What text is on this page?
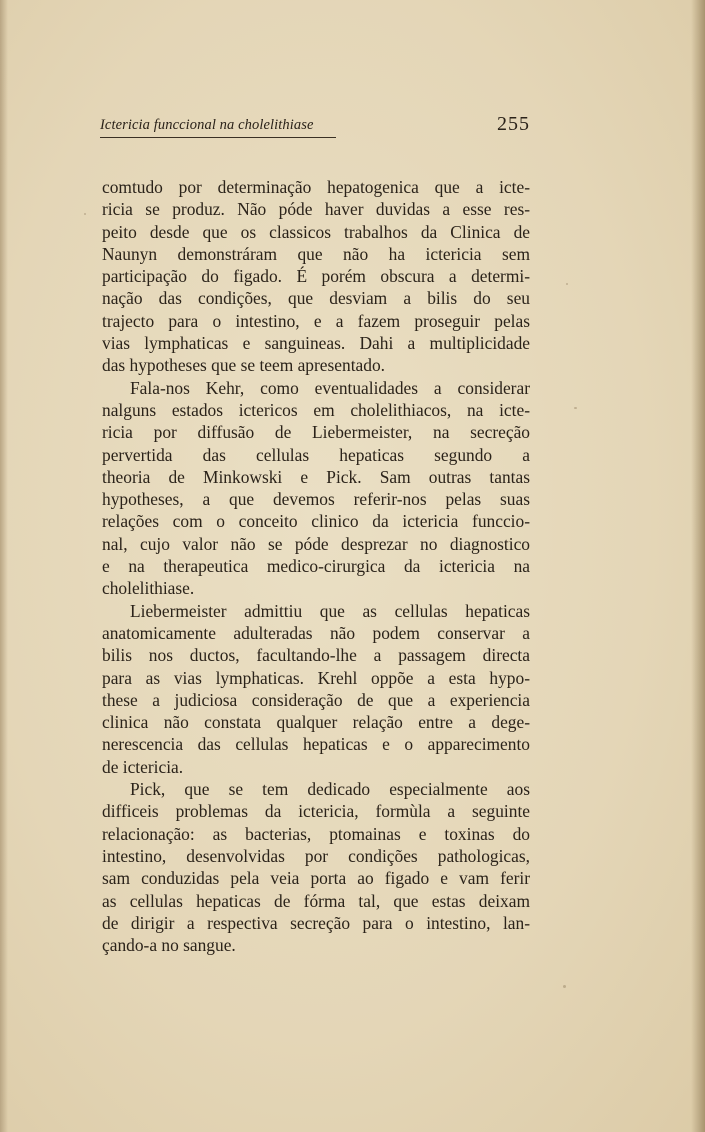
Ictericia funccional na cholelithiase	255
comtudo por determinação hepatogenica que a icte-
ricia se produz. Não póde haver duvidas a esse res-
peito desde que os classicos trabalhos da Clinica de
Naunyn demonstráram que não ha ictericia sem
participação do figado. É porém obscura a determi-
nação das condições, que desviam a bilis do seu
trajecto para o intestino, e a fazem proseguir pelas
vias lymphaticas e sanguineas. Dahi a multiplicidade
das hypotheses que se teem apresentado.
Fala-nos Kehr, como eventualidades a considerar
nalguns estados ictericos em cholelithiacos, na icte-
ricia por diffusão de Liebermeister, na secreção
pervertida das cellulas hepaticas segundo a
theoria de Minkowski e Pick. Sam outras tantas
hypotheses, a que devemos referir-nos pelas suas
relações com o conceito clinico da ictericia funccio-
nal, cujo valor não se póde desprezar no diagnostico
e na therapeutica medico-cirurgica da ictericia na
cholelithiase.
Liebermeister admittiu que as cellulas hepaticas
anatomicamente adulteradas não podem conservar a
bilis nos ductos, facultando-lhe a passagem directa
para as vias lymphaticas. Krehl oppõe a esta hypo-
these a judiciosa consideração de que a experiencia
clinica não constata qualquer relação entre a dege-
nerescencia das cellulas hepaticas e o apparecimento
de ictericia.
Pick, que se tem dedicado especialmente aos
difficeis problemas da ictericia, formùla a seguinte
relacionação: as bacterias, ptomainas e toxinas do
intestino, desenvolvidas por condições pathologicas,
sam conduzidas pela veia porta ao figado e vam ferir
as cellulas hepaticas de fórma tal, que estas deixam
de dirigir a respectiva secreção para o intestino, lan-
çando-a no sangue.
